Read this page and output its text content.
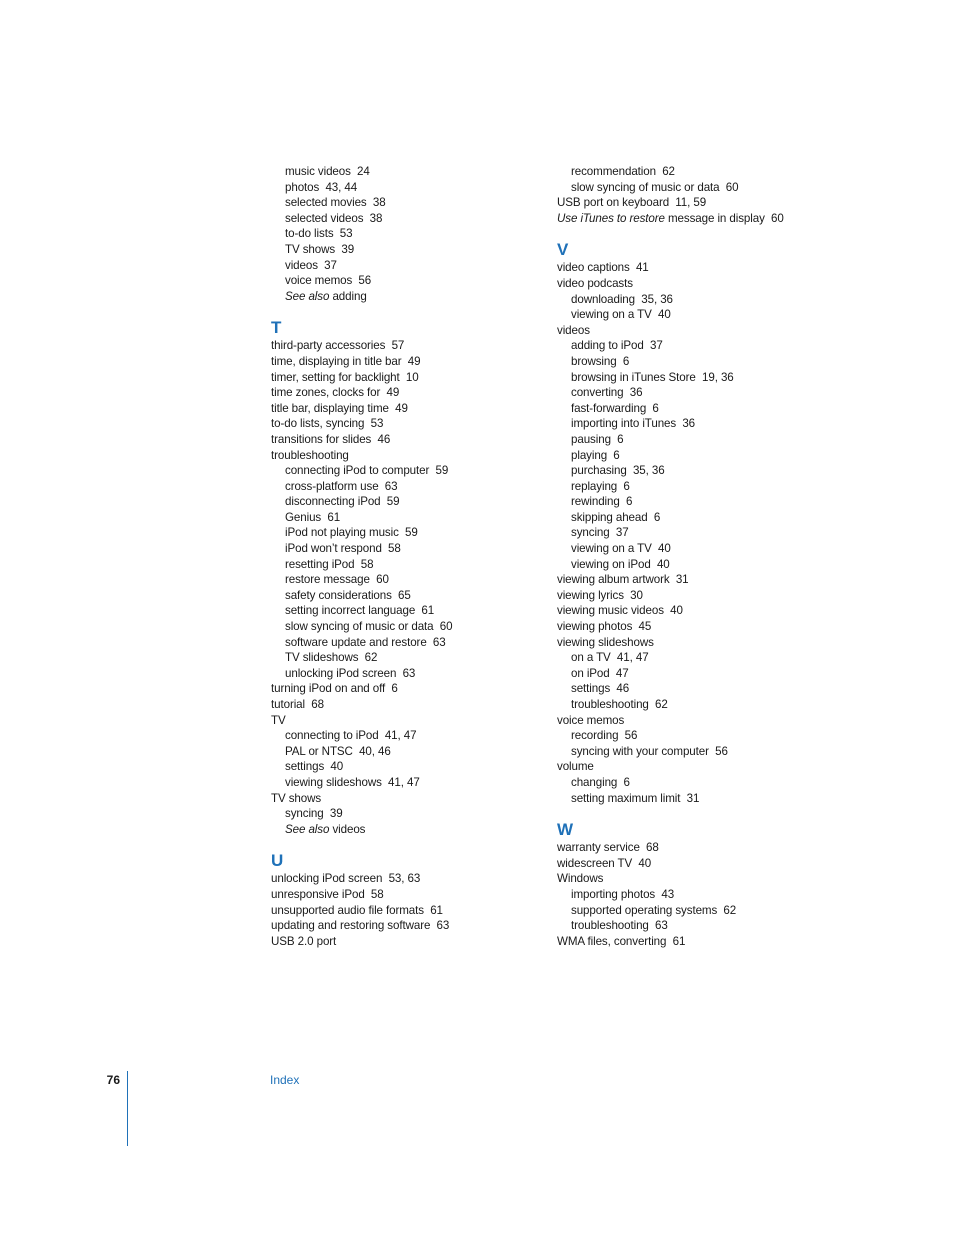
music videos  24
photos  43, 44
selected movies  38
selected videos  38
to-do lists  53
TV shows  39
videos  37
voice memos  56
See also adding
T
third-party accessories  57
time, displaying in title bar  49
timer, setting for backlight  10
time zones, clocks for  49
title bar, displaying time  49
to-do lists, syncing  53
transitions for slides  46
troubleshooting
connecting iPod to computer  59
cross-platform use  63
disconnecting iPod  59
Genius  61
iPod not playing music  59
iPod won’t respond  58
resetting iPod  58
restore message  60
safety considerations  65
setting incorrect language  61
slow syncing of music or data  60
software update and restore  63
TV slideshows  62
unlocking iPod screen  63
turning iPod on and off  6
tutorial  68
TV
connecting to iPod  41, 47
PAL or NTSC  40, 46
settings  40
viewing slideshows  41, 47
TV shows
syncing  39
See also videos
U
unlocking iPod screen  53, 63
unresponsive iPod  58
unsupported audio file formats  61
updating and restoring software  63
USB 2.0 port
recommendation  62
slow syncing of music or data  60
USB port on keyboard  11, 59
Use iTunes to restore message in display  60
V
video captions  41
video podcasts
downloading  35, 36
viewing on a TV  40
videos
adding to iPod  37
browsing  6
browsing in iTunes Store  19, 36
converting  36
fast-forwarding  6
importing into iTunes  36
pausing  6
playing  6
purchasing  35, 36
replaying  6
rewinding  6
skipping ahead  6
syncing  37
viewing on a TV  40
viewing on iPod  40
viewing album artwork  31
viewing lyrics  30
viewing music videos  40
viewing photos  45
viewing slideshows
on a TV  41, 47
on iPod  47
settings  46
troubleshooting  62
voice memos
recording  56
syncing with your computer  56
volume
changing  6
setting maximum limit  31
W
warranty service  68
widescreen TV  40
Windows
importing photos  43
supported operating systems  62
troubleshooting  63
WMA files, converting  61
76	Index
